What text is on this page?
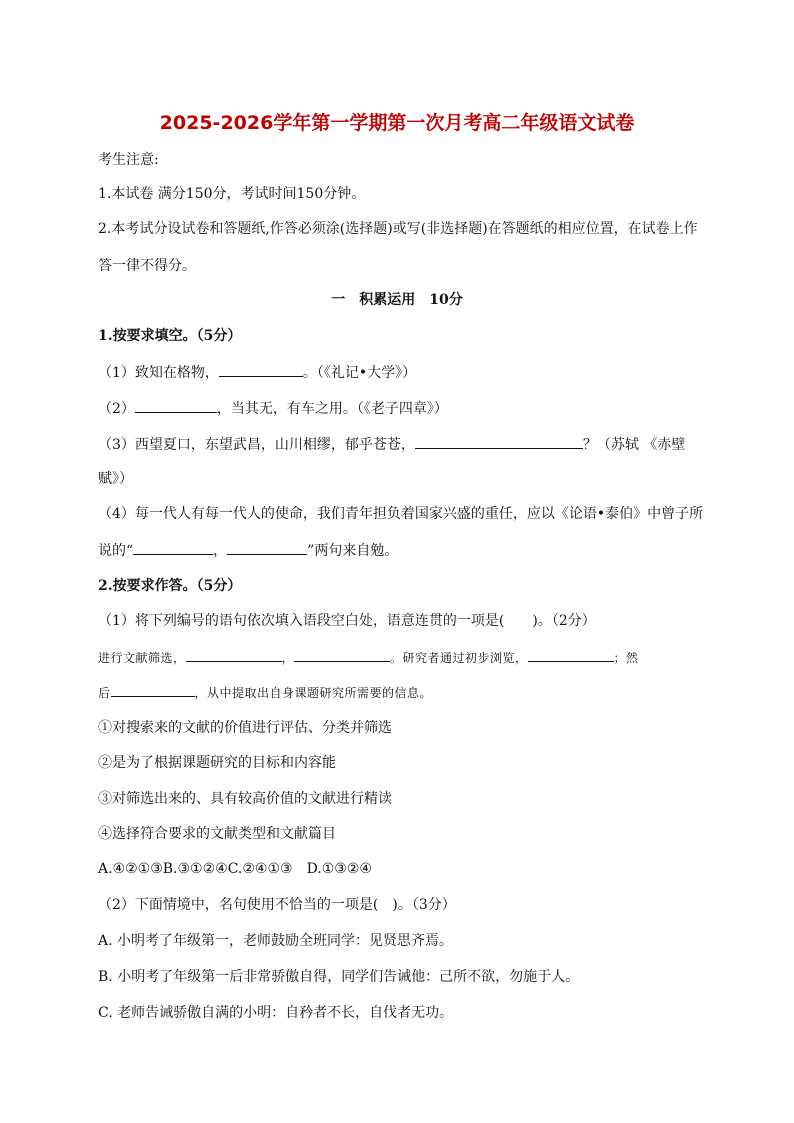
2025-2026学年第一学期第一次月考高二年级语文试卷
考生注意:
1.本试卷 满分150分，考试时间150分钟。
2.本考试分设试卷和答题纸,作答必须涂(选择题)或写(非选择题)在答题纸的相应位置，在试卷上作
答一律不得分。
一　积累运用　10分
1.按要求填空。（5分）
（1）致知在格物，	。（《礼记•大学》）
（2）	，当其无，有车之用。（《老子四章》）
（3）西望夏口，东望武昌，山川相缪，郁乎苍苍，	？（苏轼 《赤壁
赋》）
（4）每一代人有每一代人的使命，我们青年担负着国家兴盛的重任，应以《论语•泰伯》中曾子所
说的“	，	”两句来自勉。
2.按要求作答。（5分）
（1）将下列编号的语句依次填入语段空白处，语意连贯的一项是(　　)。（2分）
进行文献筛选，	，	。研究者通过初步浏览，	；然
后	，从中提取出自身课题研究所需要的信息。
①对搜索来的文献的价值进行评估、分类并筛选
②是为了根据课题研究的目标和内容能
③对筛选出来的、具有较高价值的文献进行精读
④选择符合要求的文献类型和文献篇目
A.④②①③B.③①②④C.②④①③　D.①③②④
（2）下面情境中，名句使用不恰当的一项是(　)。（3分）
A. 小明考了年级第一，老师鼓励全班同学：见贤思齐焉。
B. 小明考了年级第一后非常骄傲自得，同学们告诫他：己所不欲，勿施于人。
C. 老师告诫骄傲自满的小明：自矜者不长，自伐者无功。
